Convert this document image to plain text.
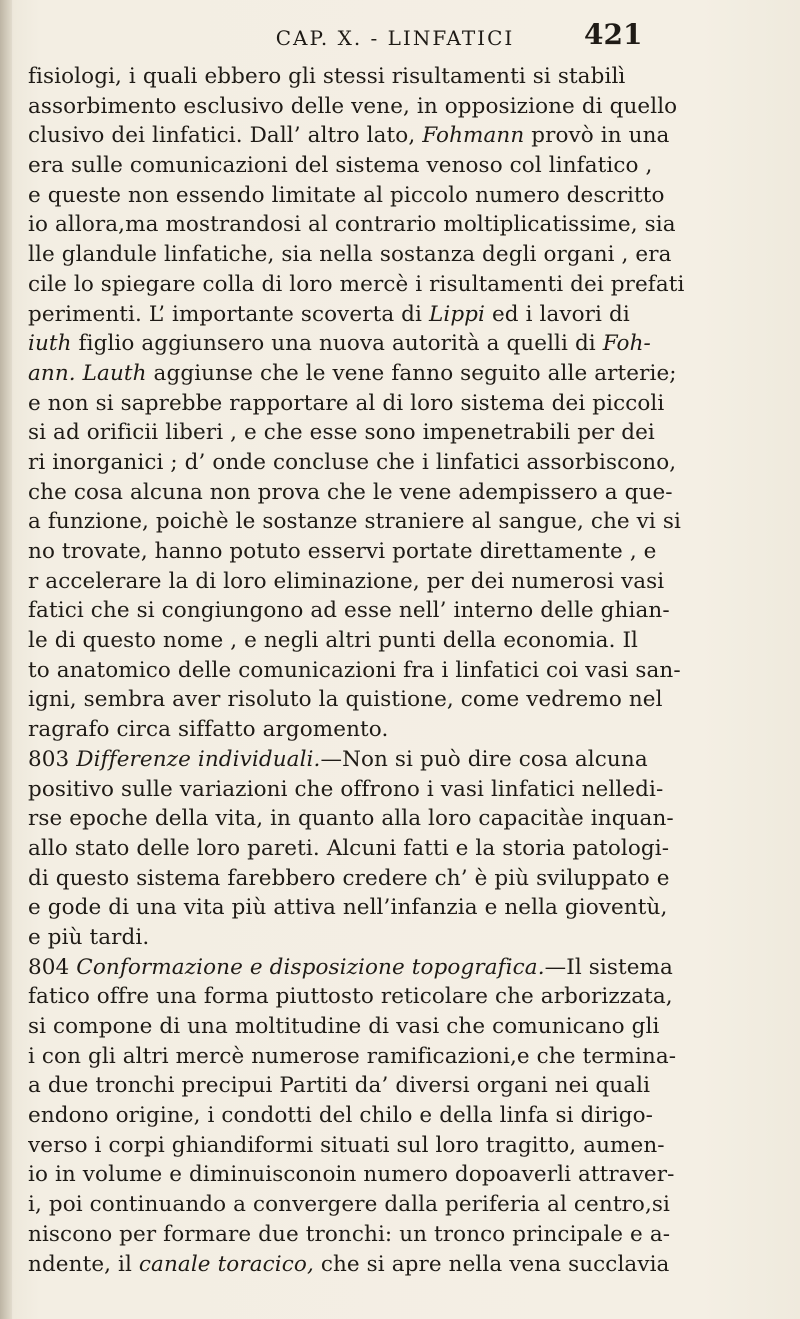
CAP. X. - LINFATICI	421
fisiologi, i quali ebbero gli stessi risultamenti si stabilì
assorbimento esclusivo delle vene, in opposizione di quello
clusivo dei linfatici. Dall’ altro lato, Fohmann provò in una
era sulle comunicazioni del sistema venoso col linfatico ,
e queste non essendo limitate al piccolo numero descritto
io allora,ma mostrandosi al contrario moltiplicatissime, sia
lle glandule linfatiche, sia nella sostanza degli organi , era
cile lo spiegare colla di loro mercè i risultamenti dei prefati
perimenti. L’ importante scoverta di Lippi ed i lavori di
iuth figlio aggiunsero una nuova autorità a quelli di Foh-
ann. Lauth aggiunse che le vene fanno seguito alle arterie;
e non si saprebbe rapportare al di loro sistema dei piccoli
si ad orificii liberi , e che esse sono impenetrabili per dei
ri inorganici ; d’ onde concluse che i linfatici assorbiscono,
che cosa alcuna non prova che le vene adempissero a que-
a funzione, poichè le sostanze straniere al sangue, che vi si
no trovate, hanno potuto esservi portate direttamente , e
r accelerare la di loro eliminazione, per dei numerosi vasi
fatici che si congiungono ad esse nell’ interno delle ghian-
le di questo nome , e negli altri punti della economia. Il
to anatomico delle comunicazioni fra i linfatici coi vasi san-
igni, sembra aver risoluto la quistione, come vedremo nel
ragrafo circa siffatto argomento.
803 Differenze individuali.—Non si può dire cosa alcuna
positivo sulle variazioni che offrono i vasi linfatici nelledi-
rse epoche della vita, in quanto alla loro capacitàe inquan-
allo stato delle loro pareti. Alcuni fatti e la storia patologi-
di questo sistema farebbero credere ch’ è più sviluppato e
e gode di una vita più attiva nell’infanzia e nella gioventù,
e più tardi.
804 Conformazione e disposizione topografica.—Il sistema
fatico offre una forma piuttosto reticolare che arborizzata,
si compone di una moltitudine di vasi che comunicano gli
i con gli altri mercè numerose ramificazioni,e che termina-
a due tronchi precipui Partiti da’ diversi organi nei quali
endono origine, i condotti del chilo e della linfa si dirigo-
verso i corpi ghiandiformi situati sul loro tragitto, aumen-
io in volume e diminuisconoin numero dopoaverli attraver-
i, poi continuando a convergere dalla periferia al centro,si
niscono per formare due tronchi: un tronco principale e a-
ndente, il canale toracico, che si apre nella vena succlavia
